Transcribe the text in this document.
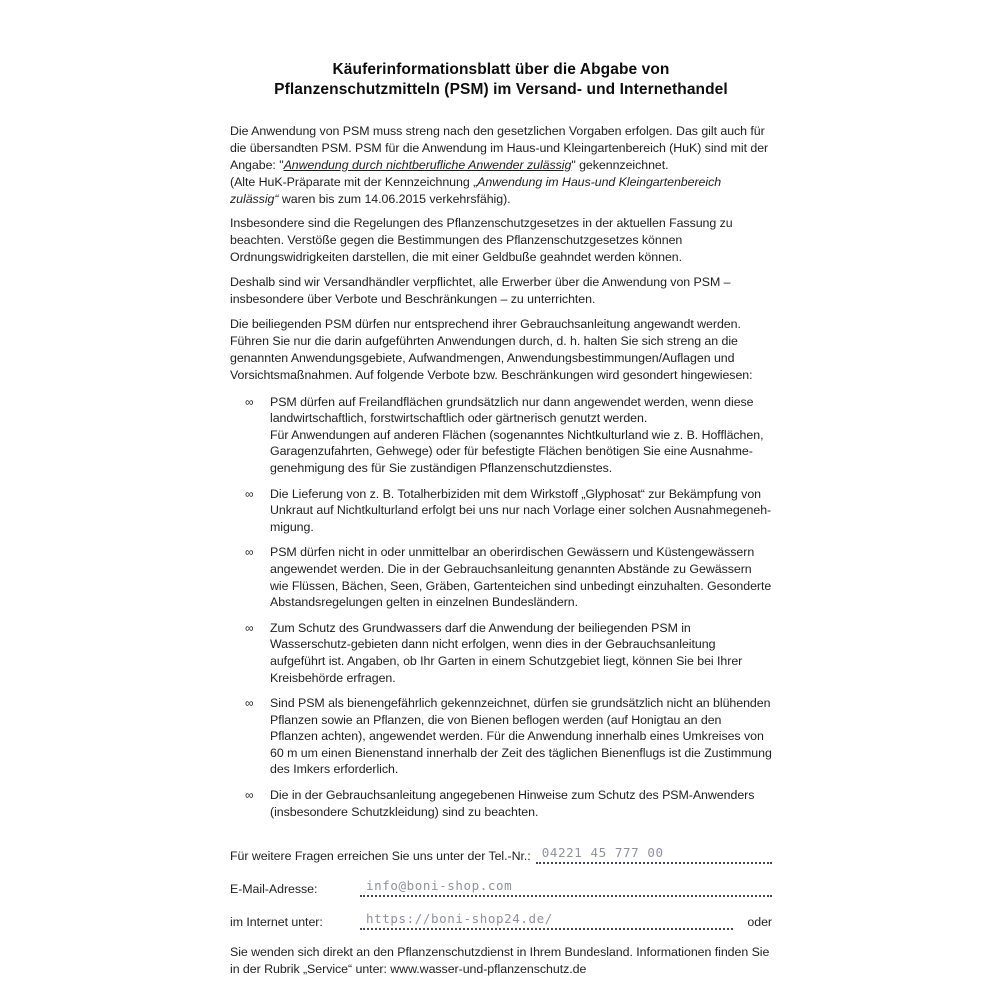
Käuferinformationsblatt über die Abgabe von
Pflanzenschutzmitteln (PSM) im Versand- und Internethandel

Die Anwendung von PSM muss streng nach den gesetzlichen Vorgaben erfolgen. Das gilt auch für die übersandten PSM. PSM für die Anwendung im Haus-und Kleingartenbereich (HuK) sind mit der Angabe: "Anwendung durch nichtberufliche Anwender zulässig" gekennzeichnet.
(Alte HuK-Präparate mit der Kennzeichnung „Anwendung im Haus-und Kleingartenbereich zulässig“ waren bis zum 14.06.2015 verkehrsfähig).

Insbesondere sind die Regelungen des Pflanzenschutzgesetzes in der aktuellen Fassung zu beachten. Verstöße gegen die Bestimmungen des Pflanzenschutzgesetzes können Ordnungswidrigkeiten darstellen, die mit einer Geldbuße geahndet werden können.

Deshalb sind wir Versandhändler verpflichtet, alle Erwerber über die Anwendung von PSM – insbesondere über Verbote und Beschränkungen – zu unterrichten.

Die beiliegenden PSM dürfen nur entsprechend ihrer Gebrauchsanleitung angewandt werden. Führen Sie nur die darin aufgeführten Anwendungen durch, d. h. halten Sie sich streng an die genannten Anwendungsgebiete, Aufwandmengen, Anwendungsbestimmungen/Auflagen und Vorsichtsmaßnahmen. Auf folgende Verbote bzw. Beschränkungen wird gesondert hingewiesen:

∞ PSM dürfen auf Freilandflächen grundsätzlich nur dann angewendet werden, wenn diese landwirtschaftlich, forstwirtschaftlich oder gärtnerisch genutzt werden.
Für Anwendungen auf anderen Flächen (sogenanntes Nichtkulturland wie z. B. Hofflächen, Garagenzufahrten, Gehwege) oder für befestigte Flächen benötigen Sie eine Ausnahme-genehmigung des für Sie zuständigen Pflanzenschutzdienstes.
∞ Die Lieferung von z. B. Totalherbiziden mit dem Wirkstoff „Glyphosat“ zur Bekämpfung von Unkraut auf Nichtkulturland erfolgt bei uns nur nach Vorlage einer solchen Ausnahmegeneh-migung.
∞ PSM dürfen nicht in oder unmittelbar an oberirdischen Gewässern und Küstengewässern angewendet werden. Die in der Gebrauchsanleitung genannten Abstände zu Gewässern wie Flüssen, Bächen, Seen, Gräben, Gartenteichen sind unbedingt einzuhalten. Gesonderte Abstandsregelungen gelten in einzelnen Bundesländern.
∞ Zum Schutz des Grundwassers darf die Anwendung der beiliegenden PSM in Wasserschutz-gebieten dann nicht erfolgen, wenn dies in der Gebrauchsanleitung aufgeführt ist. Angaben, ob Ihr Garten in einem Schutzgebiet liegt, können Sie bei Ihrer Kreisbehörde erfragen.
∞ Sind PSM als bienengefährlich gekennzeichnet, dürfen sie grundsätzlich nicht an blühenden Pflanzen sowie an Pflanzen, die von Bienen beflogen werden (auf Honigtau an den Pflanzen achten), angewendet werden. Für die Anwendung innerhalb eines Umkreises von 60 m um einen Bienenstand innerhalb der Zeit des täglichen Bienenflugs ist die Zustimmung des Imkers erforderlich.
∞ Die in der Gebrauchsanleitung angegebenen Hinweise zum Schutz des PSM-Anwenders (insbesondere Schutzkleidung) sind zu beachten.
Für weitere Fragen erreichen Sie uns unter der Tel.-Nr.: 04221 45 777 00
E-Mail-Adresse:	info@boni-shop.com
im Internet unter:	https://boni-shop24.de/	oder

Sie wenden sich direkt an den Pflanzenschutzdienst in Ihrem Bundesland. Informationen finden Sie in der Rubrik „Service“ unter: www.wasser-und-pflanzenschutz.de
